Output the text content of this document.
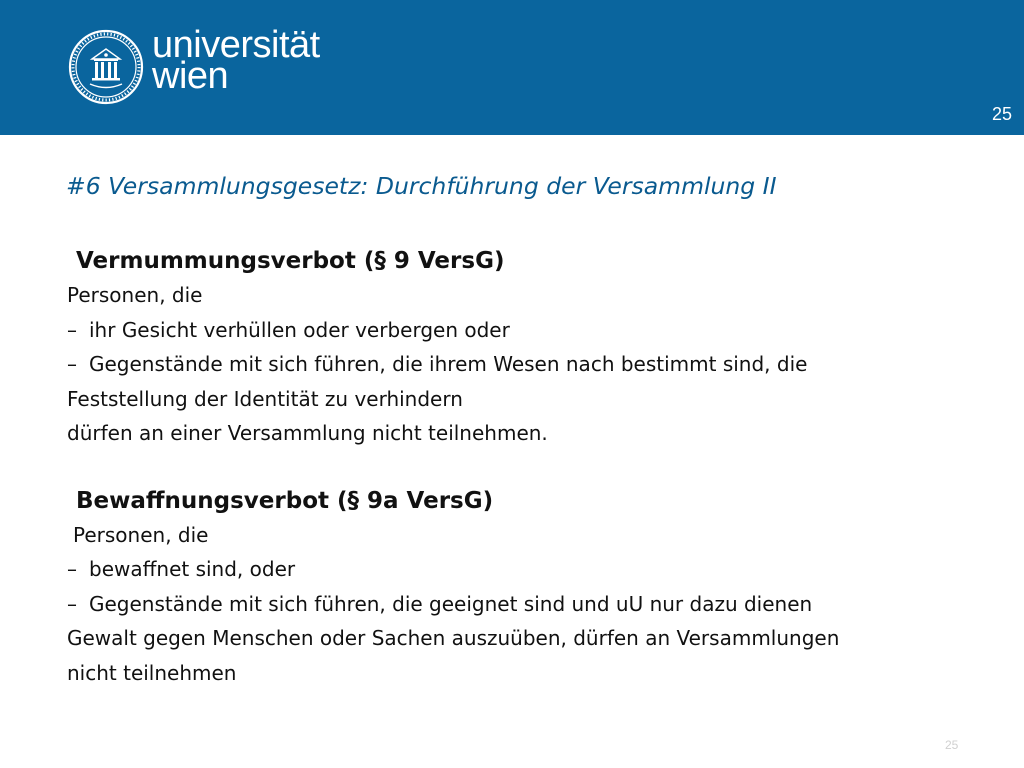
universität
wien
25
#6 Versammlungsgesetz: Durchführung der Versammlung II

Vermummungsverbot (§ 9 VersG)

Personen, die

– ihr Gesicht verhüllen oder verbergen oder

– Gegenstände mit sich führen, die ihrem Wesen nach bestimmt sind, die

Feststellung der Identität zu verhindern

dürfen an einer Versammlung nicht teilnehmen.

Bewaffnungsverbot (§ 9a VersG)

Personen, die

– bewaffnet sind, oder

– Gegenstände mit sich führen, die geeignet sind und uU nur dazu dienen

Gewalt gegen Menschen oder Sachen auszuüben, dürfen an Versammlungen

nicht teilnehmen

25
